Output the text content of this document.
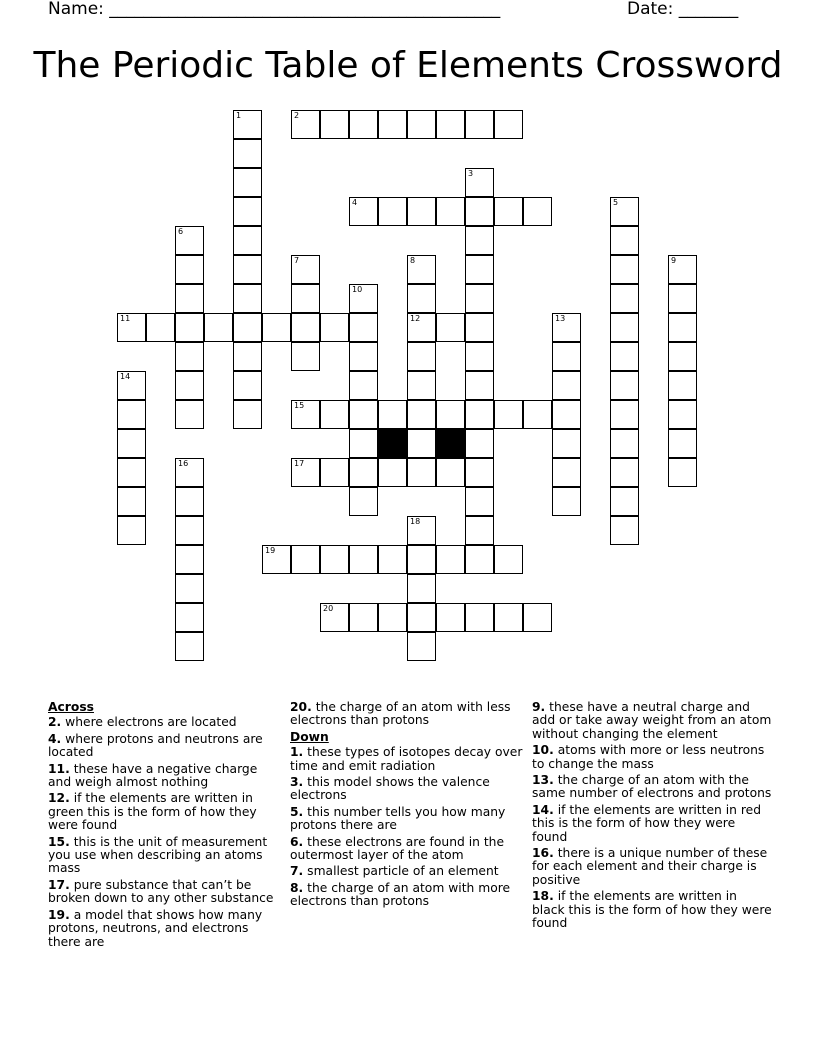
Name: ______________________________________________

	Date: _______

The Periodic Table of Elements Crossword
1	2
3
4	5
6
7	8	9
10
11	12	13
14
15
16	17
18
19
20
Across
2. where electrons are located
4. where protons and neutrons are located
11. these have a negative charge and weigh almost nothing
12. if the elements are written in green this is the form of how they were found
15. this is the unit of measurement you use when describing an atoms mass
17. pure substance that can’t be broken down to any other substance
19. a model that shows how many protons, neutrons, and electrons there are
20. the charge of an atom with less electrons than protons
Down
1. these types of isotopes decay over time and emit radiation
3. this model shows the valence electrons
5. this number tells you how many protons there are
6. these electrons are found in the outermost layer of the atom
7. smallest particle of an element
8. the charge of an atom with more electrons than protons
9. these have a neutral charge and add or take away weight from an atom without changing the element
10. atoms with more or less neutrons to change the mass
13. the charge of an atom with the same number of electrons and protons
14. if the elements are written in red this is the form of how they were found
16. there is a unique number of these for each element and their charge is positive
18. if the elements are written in black this is the form of how they were found
